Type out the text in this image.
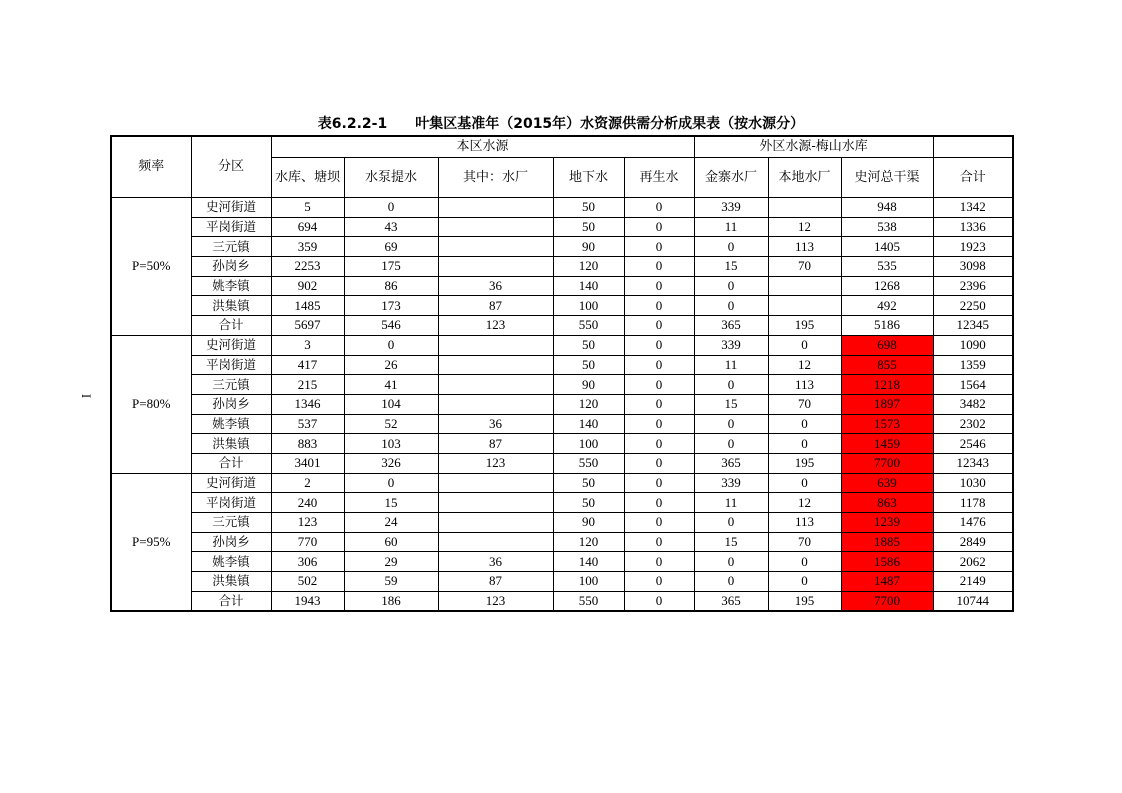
I
表6.2.2-1　　叶集区基准年（2015年）水资源供需分析成果表（按水源分）
频率	分区	本区水源					外区水源-梅山水库			
		水库、塘坝	水泵提水	其中：水厂	地下水	再生水	金寨水厂	本地水厂	史河总干渠	合计
P=50%	史河街道	5	0		50	0	339		948	1342
	平岗街道	694	43		50	0	11	12	538	1336
	三元镇	359	69		90	0	0	113	1405	1923
	孙岗乡	2253	175		120	0	15	70	535	3098
	姚李镇	902	86	36	140	0	0		1268	2396
	洪集镇	1485	173	87	100	0	0		492	2250
	合计	5697	546	123	550	0	365	195	5186	12345
P=80%	史河街道	3	0		50	0	339	0	698	1090
	平岗街道	417	26		50	0	11	12	855	1359
	三元镇	215	41		90	0	0	113	1218	1564
	孙岗乡	1346	104		120	0	15	70	1897	3482
	姚李镇	537	52	36	140	0	0	0	1573	2302
	洪集镇	883	103	87	100	0	0	0	1459	2546
	合计	3401	326	123	550	0	365	195	7700	12343
P=95%	史河街道	2	0		50	0	339	0	639	1030
	平岗街道	240	15		50	0	11	12	863	1178
	三元镇	123	24		90	0	0	113	1239	1476
	孙岗乡	770	60		120	0	15	70	1885	2849
	姚李镇	306	29	36	140	0	0	0	1586	2062
	洪集镇	502	59	87	100	0	0	0	1487	2149
	合计	1943	186	123	550	0	365	195	7700	10744
